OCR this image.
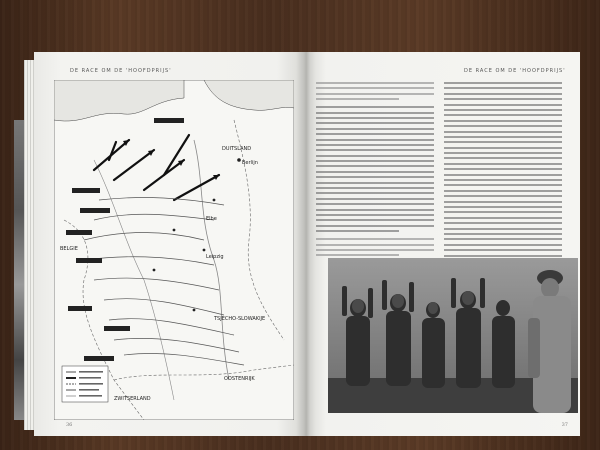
DE RACE OM DE 'HOOFDPRIJS'
DUITSLAND
Berlijn
Elbe
Leipzig
BELGIE
TSJECHO-SLOWAKIJE
OOSTENRIJK
ZWITSERLAND
36
DE RACE OM DE 'HOOFDPRIJS'
37
